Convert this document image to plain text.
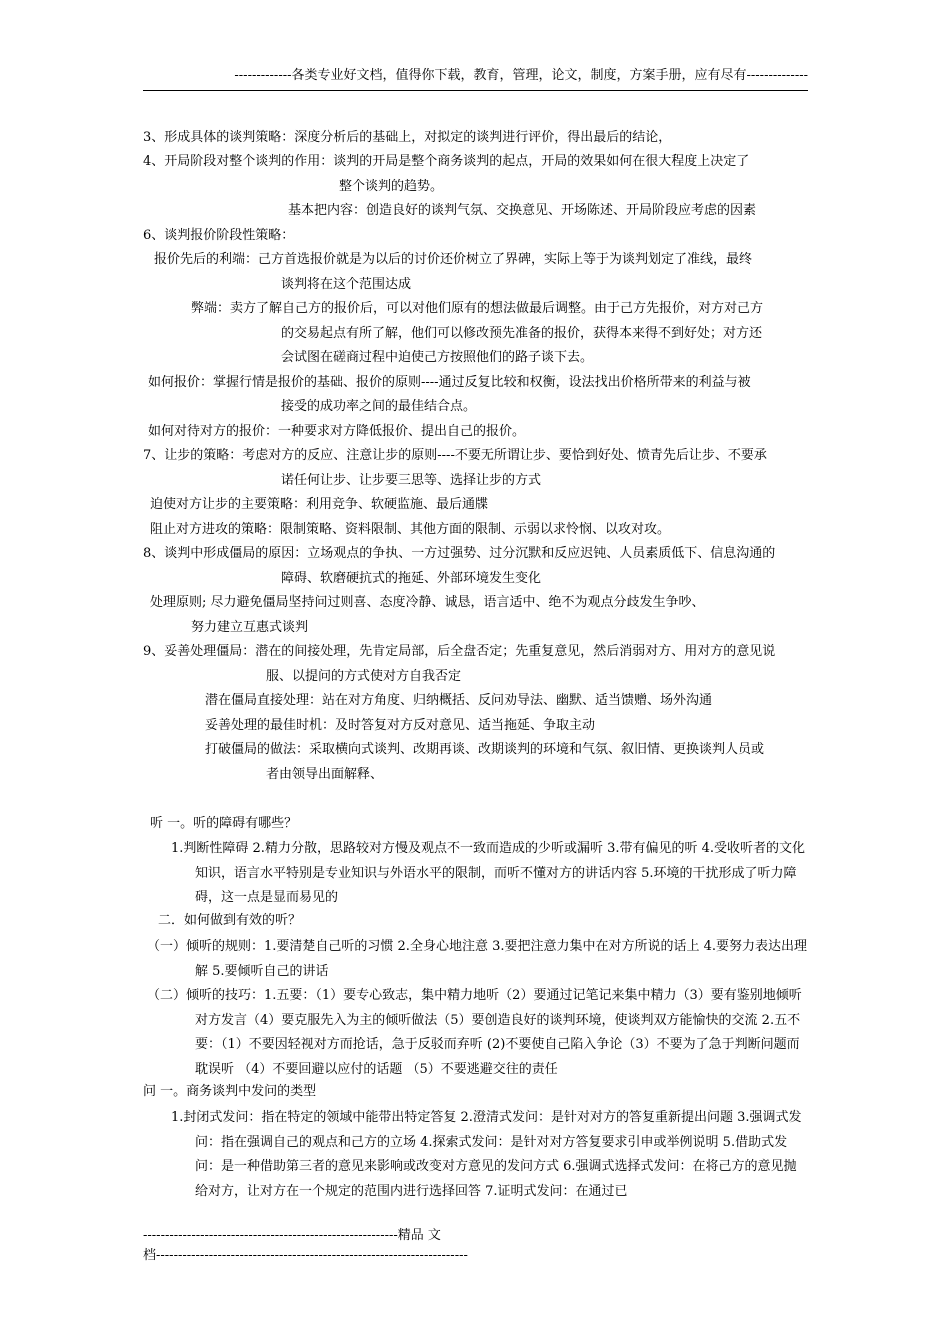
-------------各类专业好文档，值得你下载，教育，管理，论文，制度，方案手册，应有尽有--------------
3、形成具体的谈判策略：深度分析后的基础上，对拟定的谈判进行评价，得出最后的结论，
4、开局阶段对整个谈判的作用：谈判的开局是整个商务谈判的起点，开局的效果如何在很大程度上决定了
整个谈判的趋势。
基本把内容：创造良好的谈判气氛、交换意见、开场陈述、开局阶段应考虑的因素
6、谈判报价阶段性策略：
报价先后的利端：己方首选报价就是为以后的讨价还价树立了界碑，实际上等于为谈判划定了准线，最终
谈判将在这个范围达成
弊端：卖方了解自己方的报价后，可以对他们原有的想法做最后调整。由于己方先报价，对方对己方
的交易起点有所了解，他们可以修改预先准备的报价，获得本来得不到好处；对方还
会试图在磋商过程中迫使己方按照他们的路子谈下去。
如何报价：掌握行情是报价的基础、报价的原则----通过反复比较和权衡，设法找出价格所带来的利益与被
接受的成功率之间的最佳结合点。
如何对待对方的报价：一种要求对方降低报价、提出自己的报价。
7、让步的策略：考虑对方的反应、注意让步的原则----不要无所谓让步、要恰到好处、愤青先后让步、不要承
诺任何让步、让步要三思等、选择让步的方式
迫使对方让步的主要策略：利用竞争、软硬监施、最后通牒
阻止对方进攻的策略：限制策略、资料限制、其他方面的限制、示弱以求怜悯、以攻对攻。
8、谈判中形成僵局的原因：立场观点的争执、一方过强势、过分沉默和反应迟钝、人员素质低下、信息沟通的
障碍、软磨硬抗式的拖延、外部环境发生变化
处理原则; 尽力避免僵局坚持问过则喜、态度冷静、诚恳，语言适中、绝不为观点分歧发生争吵、
努力建立互惠式谈判
9、妥善处理僵局：潜在的间接处理，先肯定局部，后全盘否定；先重复意见，然后消弱对方、用对方的意见说
服、以提问的方式使对方自我否定
潜在僵局直接处理：站在对方角度、归纳概括、反问劝导法、幽默、适当馈赠、场外沟通
妥善处理的最佳时机：及时答复对方反对意见、适当拖延、争取主动
打破僵局的做法：采取横向式谈判、改期再谈、改期谈判的环境和气氛、叙旧情、更换谈判人员或
者由领导出面解释、
听 一。听的障碍有哪些？
1.判断性障碍 2.精力分散，思路较对方慢及观点不一致而造成的少听或漏听 3.带有偏见的听 4.受收听者的文化知识，语言水平特别是专业知识与外语水平的限制，而听不懂对方的讲话内容 5.环境的干扰形成了听力障碍，这一点是显而易见的
二．如何做到有效的听？
（一）倾听的规则：1.要清楚自己听的习惯 2.全身心地注意 3.要把注意力集中在对方所说的话上 4.要努力表达出理解 5.要倾听自己的讲话
（二）倾听的技巧：1.五要：（1）要专心致志，集中精力地听（2）要通过记笔记来集中精力（3）要有鉴别地倾听对方发言（4）要克服先入为主的倾听做法（5）要创造良好的谈判环境，使谈判双方能愉快的交流 2.五不要：（1）不要因轻视对方而抢话，急于反驳而弃听 (2)不要使自己陷入争论（3）不要为了急于判断问题而耽误听 （4）不要回避以应付的话题 （5）不要逃避交往的责任
问 一。商务谈判中发问的类型
1.封闭式发问：指在特定的领域中能带出特定答复 2.澄清式发问：是针对对方的答复重新提出问题 3.强调式发问：指在强调自己的观点和己方的立场 4.探索式发问：是针对对方答复要求引申或举例说明 5.借助式发问：是一种借助第三者的意见来影响或改变对方意见的发问方式 6.强调式选择式发问：在将己方的意见抛给对方，让对方在一个规定的范围内进行选择回答 7.证明式发问：在通过已
----------------------------------------------------------精品 文
档-----------------------------------------------------------------------
